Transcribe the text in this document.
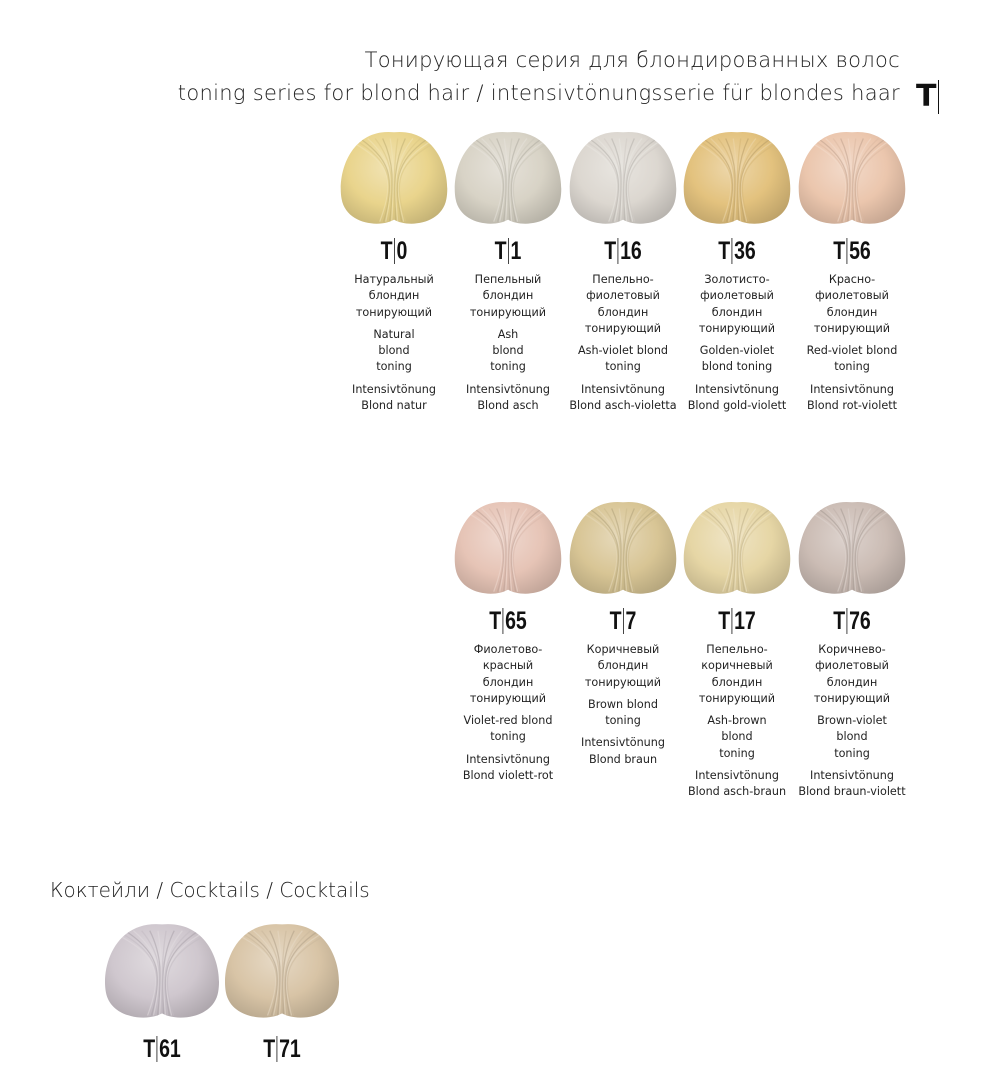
Тонирующая серия для блондированных волос
toning series for blond hair / intensivtönungsserie für blondes haar T
T 0
Натуральный
блондин
тонирующий
Natural
blond
toning
Intensivtönung
Blond natur
T 1
Пепельный
блондин
тонирующий
Ash
blond
toning
Intensivtönung
Blond asch
T 16
Пепельно-
фиолетовый
блондин
тонирующий
Ash-violet blond
toning
Intensivtönung
Blond asch-violetta
T 36
Золотисто-
фиолетовый
блондин
тонирующий
Golden-violet
blond toning
Intensivtönung
Blond gold-violett
T 56
Красно-
фиолетовый
блондин
тонирующий
Red-violet blond
toning
Intensivtönung
Blond rot-violett
T 65
Фиолетово-
красный
блондин
тонирующий
Violet-red blond
toning
Intensivtönung
Blond violett-rot
T 7
Коричневый
блондин
тонирующий
Brown blond
toning
Intensivtönung
Blond braun
T 17
Пепельно-
коричневый
блондин
тонирующий
Ash-brown
blond
toning
Intensivtönung
Blond asch-braun
T 76
Коричнево-
фиолетовый
блондин
тонирующий
Brown-violet
blond
toning
Intensivtönung
Blond braun-violett
Коктейли / Cocktails / Cocktails
T 61	T 71
